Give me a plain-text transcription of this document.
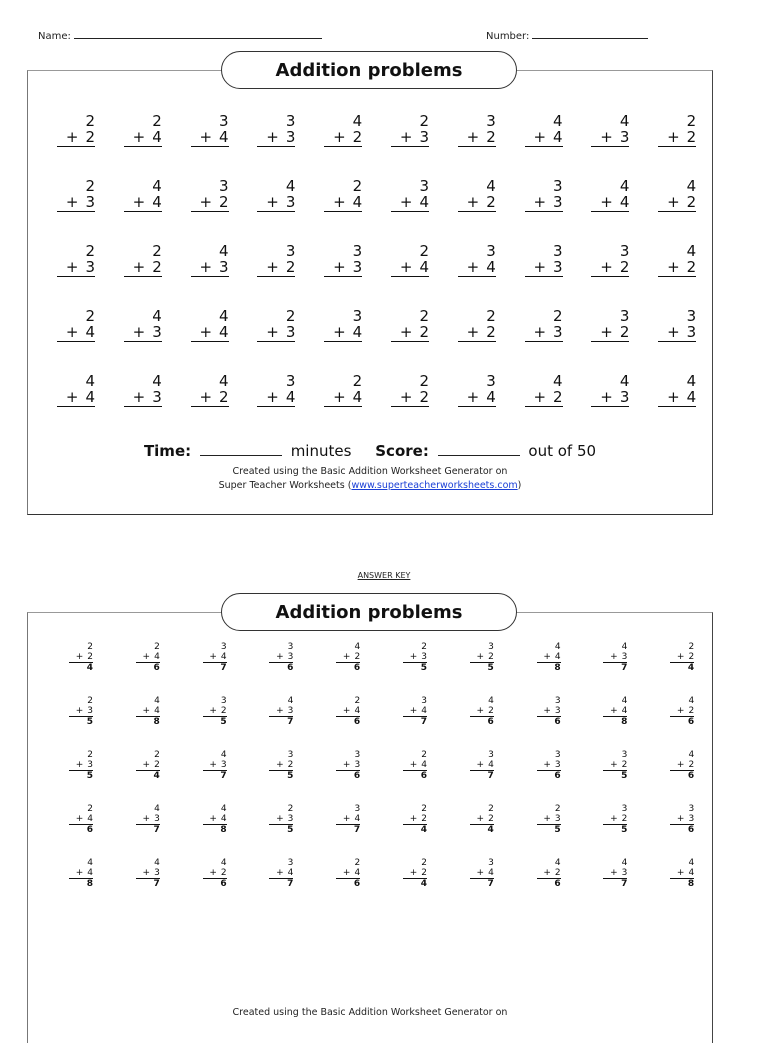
Name:	Number:
Addition problems
2
+ 2
2
+ 4
3
+ 4
3
+ 3
4
+ 2
2
+ 3
3
+ 2
4
+ 4
4
+ 3
2
+ 2
2
+ 3
4
+ 4
3
+ 2
4
+ 3
2
+ 4
3
+ 4
4
+ 2
3
+ 3
4
+ 4
4
+ 2
2
+ 3
2
+ 2
4
+ 3
3
+ 2
3
+ 3
2
+ 4
3
+ 4
3
+ 3
3
+ 2
4
+ 2
2
+ 4
4
+ 3
4
+ 4
2
+ 3
3
+ 4
2
+ 2
2
+ 2
2
+ 3
3
+ 2
3
+ 3
4
+ 4
4
+ 3
4
+ 2
3
+ 4
2
+ 4
2
+ 2
3
+ 4
4
+ 2
4
+ 3
4
+ 4
Time:	minutes Score:	out of 50
Created using the Basic Addition Worksheet Generator on
Super Teacher Worksheets (www.superteacherworksheets.com)
ANSWER KEY
Addition problems
2
+ 2
4
2
+ 4
6
3
+ 4
7
3
+ 3
6
4
+ 2
6
2
+ 3
5
3
+ 2
5
4
+ 4
8
4
+ 3
7
2
+ 2
4
2
+ 3
5
4
+ 4
8
3
+ 2
5
4
+ 3
7
2
+ 4
6
3
+ 4
7
4
+ 2
6
3
+ 3
6
4
+ 4
8
4
+ 2
6
2
+ 3
5
2
+ 2
4
4
+ 3
7
3
+ 2
5
3
+ 3
6
2
+ 4
6
3
+ 4
7
3
+ 3
6
3
+ 2
5
4
+ 2
6
2
+ 4
6
4
+ 3
7
4
+ 4
8
2
+ 3
5
3
+ 4
7
2
+ 2
4
2
+ 2
4
2
+ 3
5
3
+ 2
5
3
+ 3
6
4
+ 4
8
4
+ 3
7
4
+ 2
6
3
+ 4
7
2
+ 4
6
2
+ 2
4
3
+ 4
7
4
+ 2
6
4
+ 3
7
4
+ 4
8
Created using the Basic Addition Worksheet Generator on
